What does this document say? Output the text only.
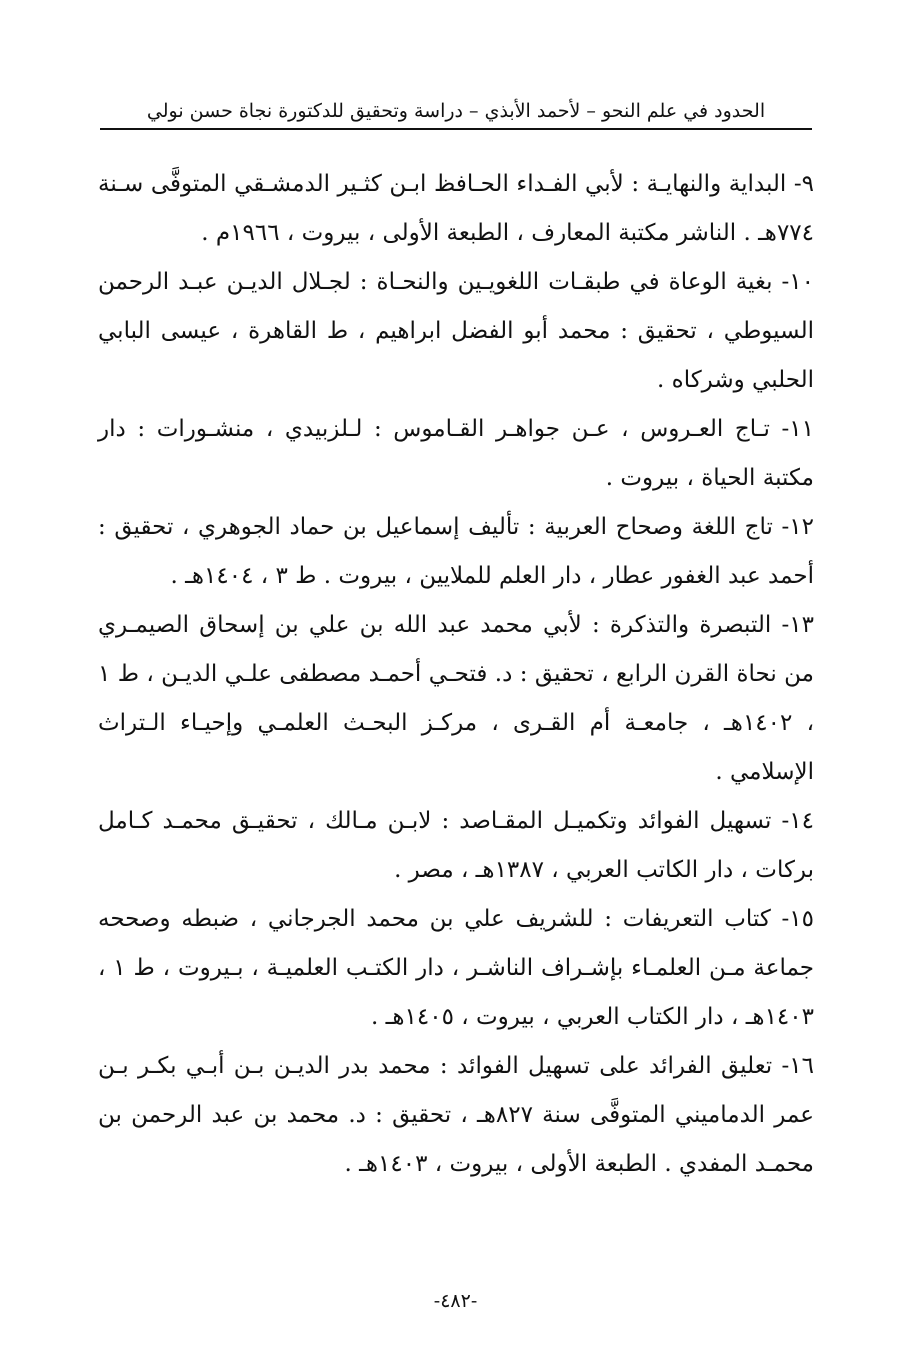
الحدود في علم النحو – لأحمد الأبذي – دراسة وتحقيق للدكتورة نجاة حسن نولي

٩- البداية والنهايـة : لأبي الفـداء الحـافظ ابـن كثـير الدمشـقي المتوفَّى سـنة ٧٧٤هـ . الناشر مكتبة المعارف ، الطبعة الأولى ، بيروت ، ١٩٦٦م .

١٠- بغية الوعاة في طبقـات اللغويـين والنحـاة : لجـلال الديـن عبـد الرحمن السيوطي ، تحقيق : محمد أبو الفضل ابراهيم ، ط القاهرة ، عيسى البابي الحلبي وشركاه .

١١- تـاج العـروس ، عـن جواهـر القـاموس : لـلزبيدي ، منشـورات : دار مكتبة الحياة ، بيروت .

١٢- تاج اللغة وصحاح العربية : تأليف إسماعيل بن حماد الجوهري ، تحقيق : أحمد عبد الغفور عطار ، دار العلم للملايين ، بيروت . ط ٣ ، ١٤٠٤هـ .

١٣- التبصرة والتذكرة : لأبي محمد عبد الله بن علي بن إسحاق الصيمـري من نحاة القرن الرابع ، تحقيق : د. فتحـي أحمـد مصطفى علـي الديـن ، ط ١ ، ١٤٠٢هـ ، جامعـة أم القـرى ، مركـز البحـث العلمـي وإحيـاء الـتراث الإسلامي .

١٤- تسهيل الفوائد وتكميـل المقـاصد : لابـن مـالك ، تحقيـق محمـد كـامل بركات ، دار الكاتب العربي ، ١٣٨٧هـ ، مصر .

١٥- كتاب التعريفات : للشريف علي بن محمد الجرجاني ، ضبطه وصححه جماعة مـن العلمـاء بإشـراف الناشـر ، دار الكتـب العلميـة ، بـيروت ، ط ١ ، ١٤٠٣هـ ، دار الكتاب العربي ، بيروت ، ١٤٠٥هـ .

١٦- تعليق الفرائد على تسهيل الفوائد : محمد بدر الديـن بـن أبـي بكـر بـن عمر الدماميني المتوفَّى سنة ٨٢٧هـ ، تحقيق : د. محمد بن عبد الرحمن بن محمـد المفدي . الطبعة الأولى ، بيروت ، ١٤٠٣هـ .

-٤٨٢-
